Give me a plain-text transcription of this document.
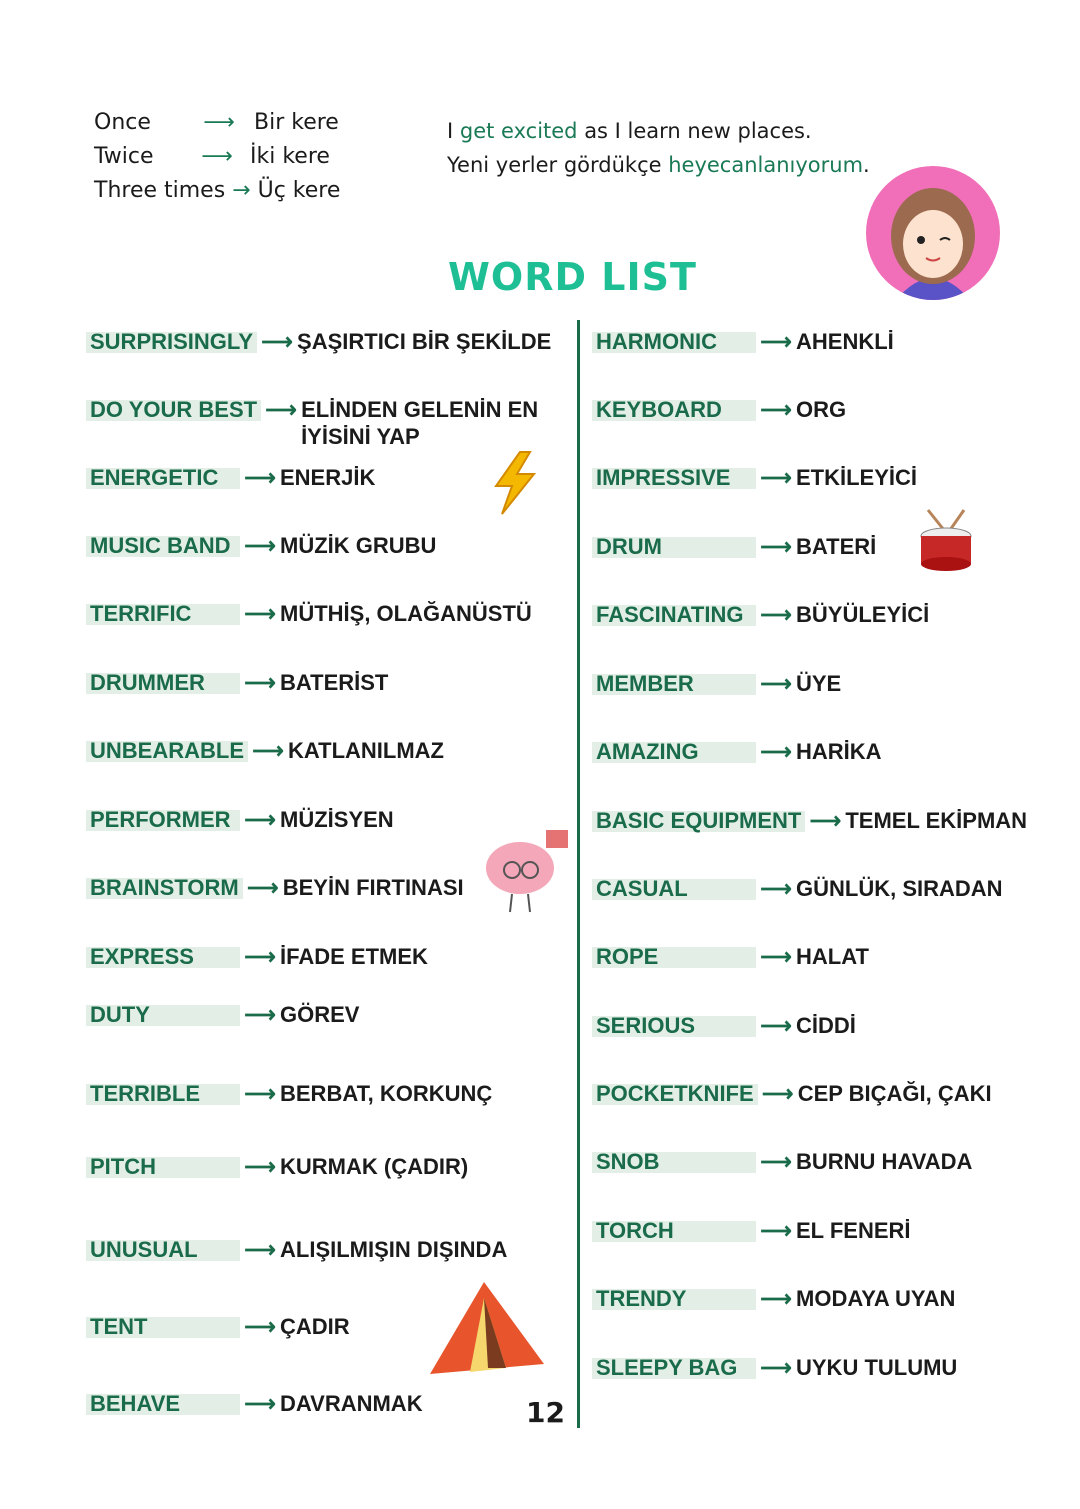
Once ⟶ Bir kere
Twice ⟶ İki kere
Three times → Üç kere
I get excited as I learn new places.
Yeni yerler gördükçe heyecanlanıyorum.
WORD LIST
SURPRISINGLY ⟶ ŞAŞIRTICI BİR ŞEKİLDE
DO YOUR BEST ⟶ ELİNDEN GELENİN EN İYİSİNİ YAP
ENERGETIC	⟶ ENERJİK
MUSIC BAND ⟶ MÜZİK GRUBU
TERRIFIC	⟶ MÜTHİŞ, OLAĞANÜSTÜ
DRUMMER	⟶ BATERİST
UNBEARABLE ⟶ KATLANILMAZ
PERFORMER ⟶ MÜZİSYEN
BRAINSTORM ⟶ BEYİN FIRTINASI
EXPRESS	⟶ İFADE ETMEK
DUTY	⟶ GÖREV
TERRIBLE	⟶ BERBAT, KORKUNÇ
PITCH	⟶ KURMAK (ÇADIR)
UNUSUAL	⟶ ALIŞILMIŞIN DIŞINDA
TENT	⟶ ÇADIR
BEHAVE	⟶ DAVRANMAK
HARMONIC	⟶ AHENKLİ
KEYBOARD	⟶ ORG
IMPRESSIVE	⟶ ETKİLEYİCİ
DRUM	⟶ BATERİ
FASCINATING ⟶ BÜYÜLEYİCİ
MEMBER	⟶ ÜYE
AMAZING	⟶ HARİKA
BASIC EQUIPMENT ⟶ TEMEL EKİPMAN
CASUAL	⟶ GÜNLÜK, SIRADAN
ROPE	⟶ HALAT
SERIOUS	⟶ CİDDİ
POCKETKNIFE ⟶ CEP BIÇAĞI, ÇAKI
SNOB	⟶ BURNU HAVADA
TORCH	⟶ EL FENERİ
TRENDY	⟶ MODAYA UYAN
SLEEPY BAG	⟶ UYKU TULUMU
12
